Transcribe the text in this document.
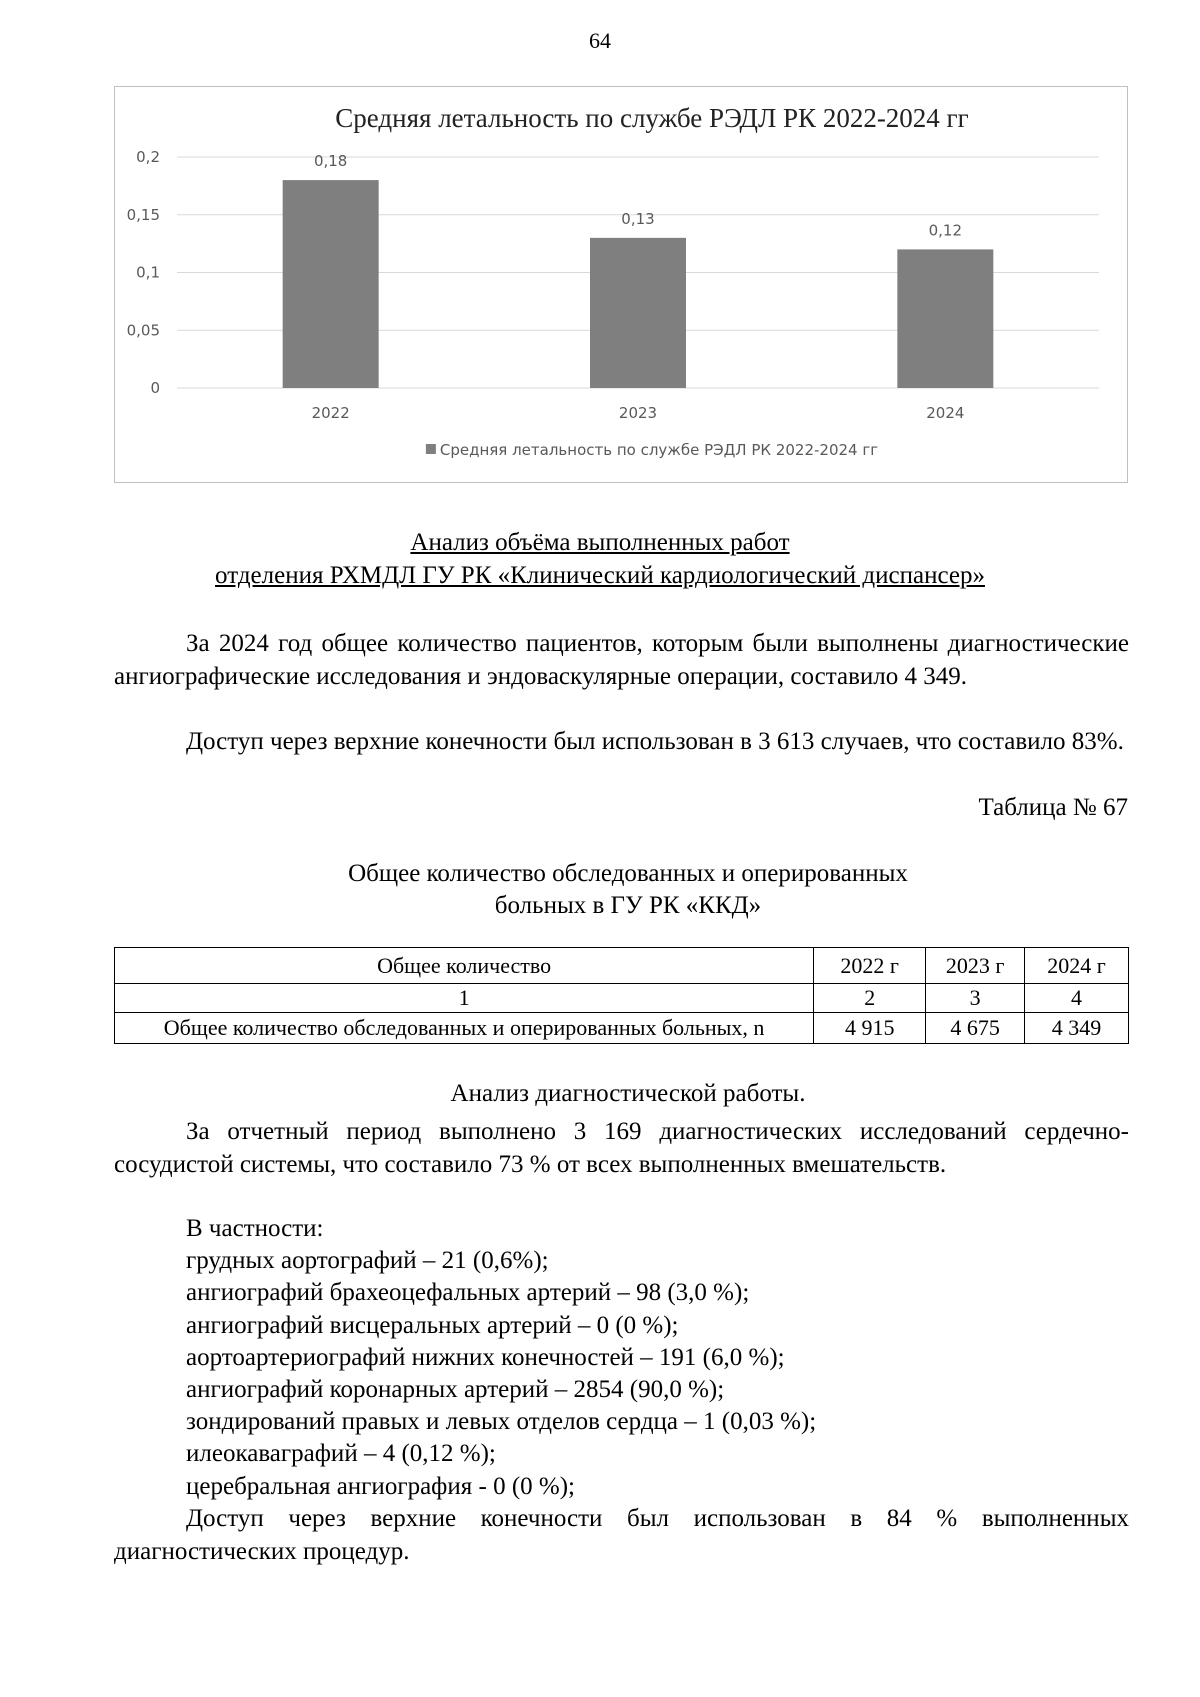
64
Средняя летальность по службе РЭДЛ РК 2022-2024 гг
0
0,05
0,1
0,15
0,2	0,18
2022
0,13
2023
0,12
2024
Средняя летальность по службе РЭДЛ РК 2022-2024 гг
Анализ объёма выполненных работ
отделения РХМДЛ ГУ РК «Клинический кардиологический диспансер»
За 2024 год общее количество пациентов, которым были выполнены диагностические ангиографические исследования и эндоваскулярные операции, составило 4 349.
Доступ через верхние конечности был использован в 3 613 случаев, что составило 83%.
Таблица № 67
Общее количество обследованных и оперированных
больных в ГУ РК «ККД»
Общее количество	2022 г	2023 г	2024 г
1	2	3	4
Общее количество обследованных и оперированных больных, n	4 915	4 675	4 349
Анализ диагностической работы.
За отчетный период выполнено 3 169 диагностических исследований сердечно-сосудистой системы, что составило 73 % от всех выполненных вмешательств.
В частности:
грудных аортографий – 21 (0,6%);
ангиографий брахеоцефальных артерий – 98 (3,0 %);
ангиографий висцеральных артерий – 0 (0 %);
аортоартериографий нижних конечностей – 191 (6,0 %);
ангиографий коронарных артерий – 2854 (90,0 %);
зондирований правых и левых отделов сердца – 1 (0,03 %);
илеокаваграфий – 4 (0,12 %);
церебральная ангиография - 0 (0 %);
Доступ через верхние конечности был использован в 84 % выполненных диагностических процедур.
